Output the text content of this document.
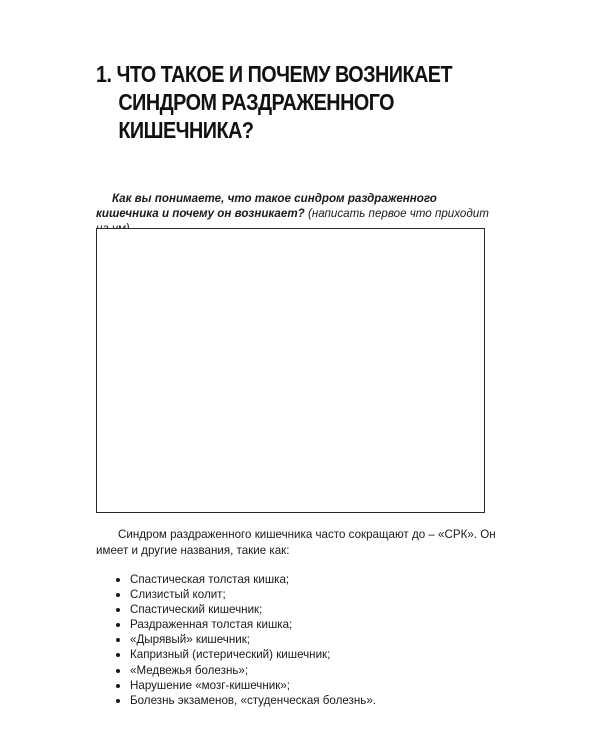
1. ЧТО ТАКОЕ И ПОЧЕМУ ВОЗНИКАЕТ
СИНДРОМ РАЗДРАЖЕННОГО
КИШЕЧНИКА?

Как вы понимаете, что такое синдром раздраженного кишечника и почему он возникает? (написать первое что приходит

Синдром раздраженного кишечника часто сокращают до – «СРК». Он имеет и другие названия, такие как:

Спастическая толстая кишка;
Слизистый колит;
Спастический кишечник;
Раздраженная толстая кишка;
«Дырявый» кишечник;
Капризный (истерический) кишечник;
«Медвежья болезнь»;
Нарушение «мозг-кишечник»;
Болезнь экзаменов, «студенческая болезнь».
